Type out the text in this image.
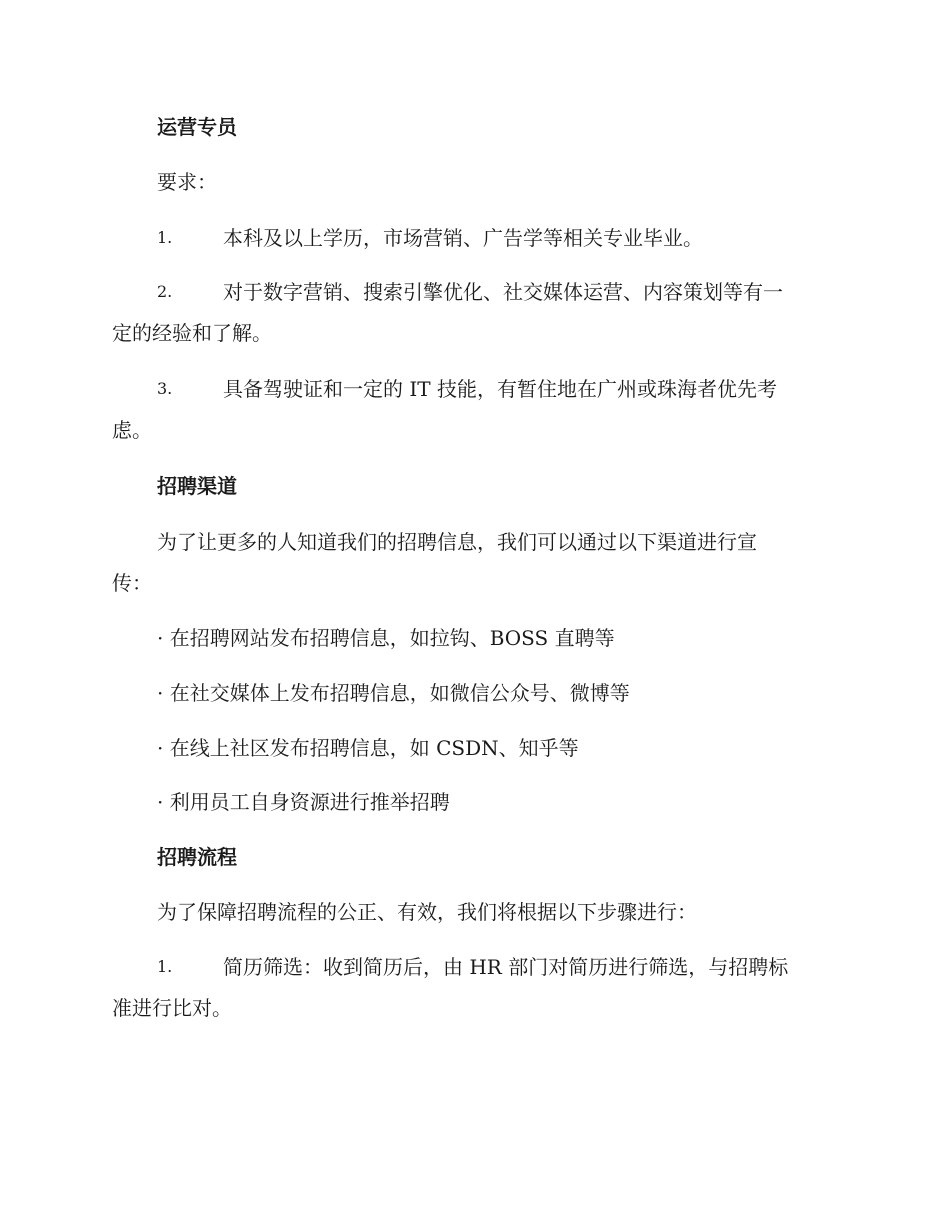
运营专员
要求：
1.	本科及以上学历，市场营销、广告学等相关专业毕业。
2.	对于数字营销、搜索引擎优化、社交媒体运营、内容策划等有一
定的经验和了解。
3.	具备驾驶证和一定的 IT 技能，有暂住地在广州或珠海者优先考
虑。
招聘渠道
为了让更多的人知道我们的招聘信息，我们可以通过以下渠道进行宣
传：
· 在招聘网站发布招聘信息，如拉钩、BOSS 直聘等
· 在社交媒体上发布招聘信息，如微信公众号、微博等
· 在线上社区发布招聘信息，如 CSDN、知乎等
· 利用员工自身资源进行推举招聘
招聘流程
为了保障招聘流程的公正、有效，我们将根据以下步骤进行：
1.	简历筛选：收到简历后，由 HR 部门对简历进行筛选，与招聘标
准进行比对。
